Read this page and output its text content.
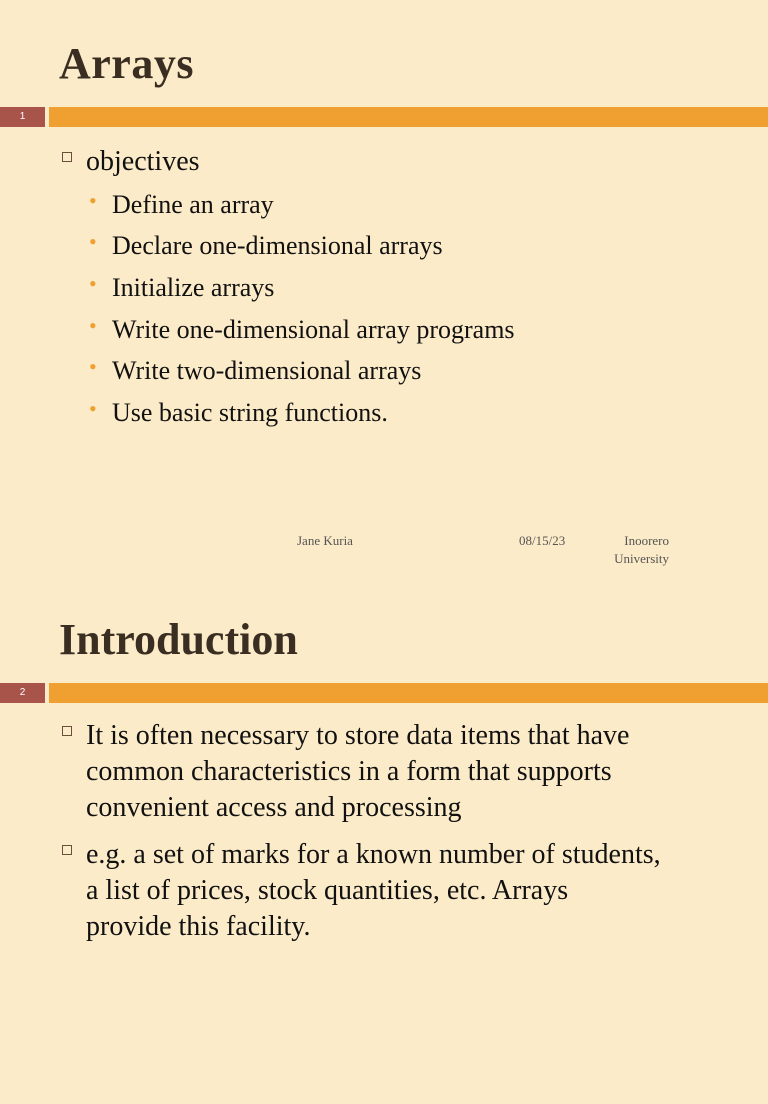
Arrays
1
objectives
• Define an array
• Declare one-dimensional arrays
• Initialize arrays
• Write one-dimensional array programs
• Write two-dimensional arrays
• Use basic string functions.
Jane Kuria	08/15/23	Inoorero
University
Introduction
2
It is often necessary to store data items that have
common characteristics in a form that supports
convenient access and processing
e.g. a set of marks for a known number of students,
a list of prices, stock quantities, etc. Arrays
provide this facility.
